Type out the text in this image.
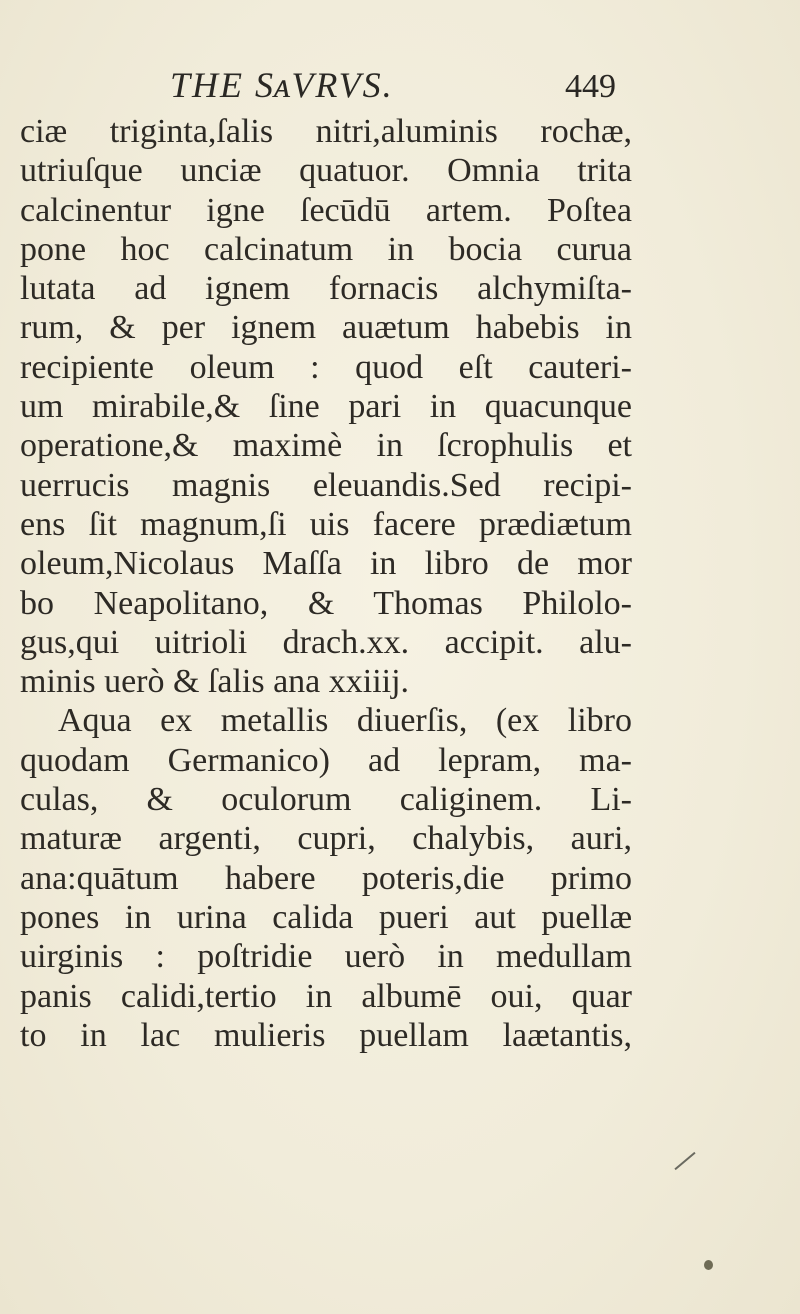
THE SᴀVRVS.	449
ciæ triginta,ſalis nitri,aluminis rochæ,
utriuſque unciæ quatuor. Omnia trita
calcinentur igne ſecūdū artem. Poſtea
pone hoc calcinatum in bocia curua
lutata ad ignem fornacis alchymiſta-
rum, & per ignem auætum habebis in
recipiente oleum : quod eſt cauteri-
um mirabile,& ſine pari in quacunque
operatione,& maximè in ſcrophulis et
uerrucis magnis eleuandis.Sed recipi-
ens ſit magnum,ſi uis facere prædiætum
oleum,Nicolaus Maſſa in libro de mor
bo Neapolitano, & Thomas Philolo-
gus,qui uitrioli drach.xx. accipit. alu-
minis uerò & ſalis ana xxiiij.
Aqua ex metallis diuerſis, (ex libro
quodam Germanico) ad lepram, ma-
culas, & oculorum caliginem. Li-
maturæ argenti, cupri, chalybis, auri,
ana:quātum habere poteris,die primo
pones in urina calida pueri aut puellæ
uirginis : poſtridie uerò in medullam
panis calidi,tertio in albumē oui, quar
to in lac mulieris puellam laætantis,
